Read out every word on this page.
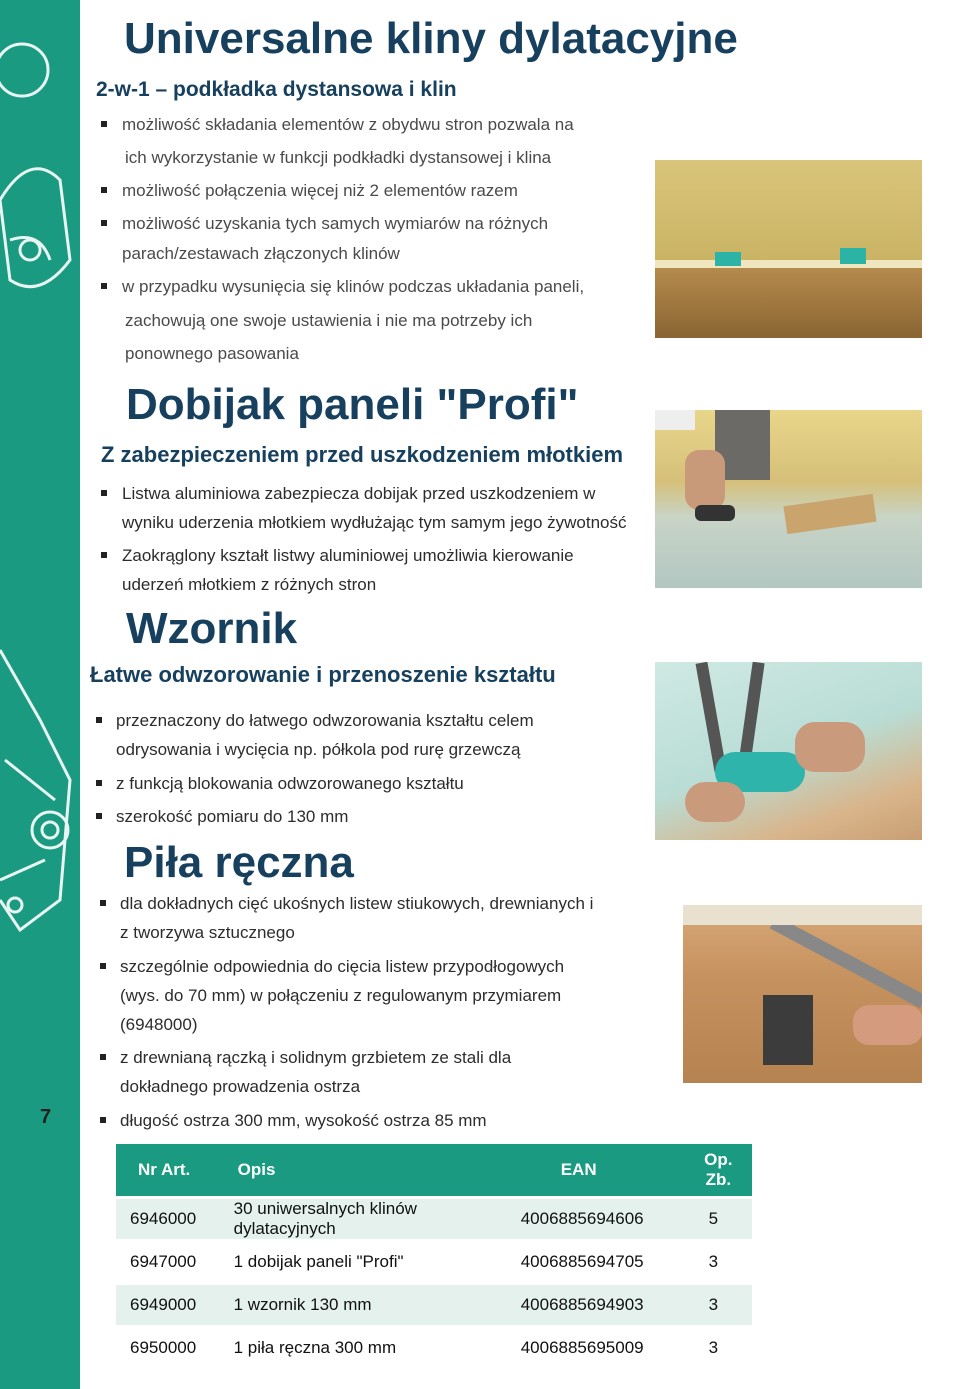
7
Universalne kliny dylatacyjne
2-w-1 – podkładka dystansowa i klin
możliwość składania elementów z obydwu stron pozwala na
ich wykorzystanie w funkcji podkładki dystansowej i klina
możliwość połączenia więcej niż 2 elementów razem
możliwość uzyskania tych samych wymiarów na różnych
parach/zestawach złączonych klinów
w przypadku wysunięcia się klinów podczas układania paneli,
zachowują one swoje ustawienia i nie ma potrzeby ich
ponownego pasowania
Dobijak paneli "Profi"
Z zabezpieczeniem przed uszkodzeniem młotkiem
Listwa aluminiowa zabezpiecza dobijak przed uszkodzeniem w
wyniku uderzenia młotkiem wydłużając tym samym jego żywotność
Zaokrąglony kształt listwy aluminiowej umożliwia kierowanie
uderzeń młotkiem z różnych stron
Wzornik
Łatwe odwzorowanie i przenoszenie kształtu
przeznaczony do łatwego odwzorowania kształtu celem
odrysowania i wycięcia np. półkola pod rurę grzewczą
z funkcją blokowania odwzorowanego kształtu
szerokość pomiaru do 130 mm
Piła ręczna
dla dokładnych cięć ukośnych listew stiukowych, drewnianych i
z tworzywa sztucznego
szczególnie odpowiednia do cięcia listew przypodłogowych
(wys. do 70 mm) w połączeniu z regulowanym przymiarem
(6948000)
z drewnianą rączką i solidnym grzbietem ze stali dla
dokładnego prowadzenia ostrza
długość ostrza 300 mm, wysokość ostrza 85 mm
Nr Art.	Opis	EAN	Op. Zb.

6946000	30 uniwersalnych klinów dylatacyjnych	4006885694606	5

6947000	1 dobijak paneli "Profi"	4006885694705	3

6949000	1 wzornik 130 mm	4006885694903	3

6950000	1 piła ręczna 300 mm	4006885695009	3
